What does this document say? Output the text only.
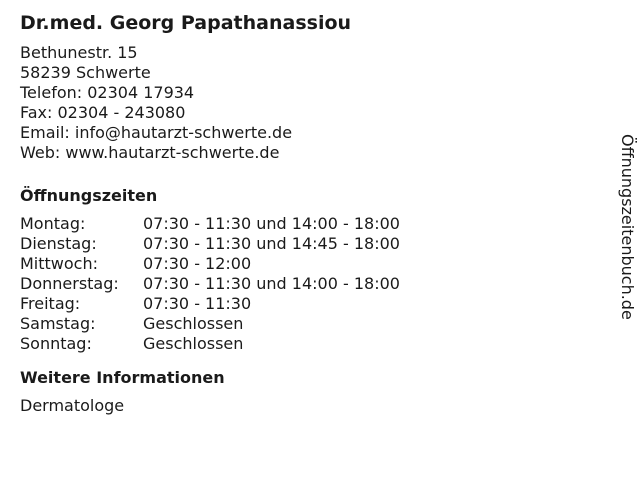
Dr.med. Georg Papathanassiou
Bethunestr. 15
58239 Schwerte
Telefon: 02304 17934
Fax: 02304 - 243080
Email: info@hautarzt-schwerte.de
Web: www.hautarzt-schwerte.de
Öffnungszeiten
Montag:	07:30 - 11:30 und 14:00 - 18:00
Dienstag:	07:30 - 11:30 und 14:45 - 18:00
Mittwoch:	07:30 - 12:00
Donnerstag:	07:30 - 11:30 und 14:00 - 18:00
Freitag:	07:30 - 11:30
Samstag:	Geschlossen
Sonntag:	Geschlossen
Weitere Informationen
Dermatologe
Öffnungszeitenbuch.de
